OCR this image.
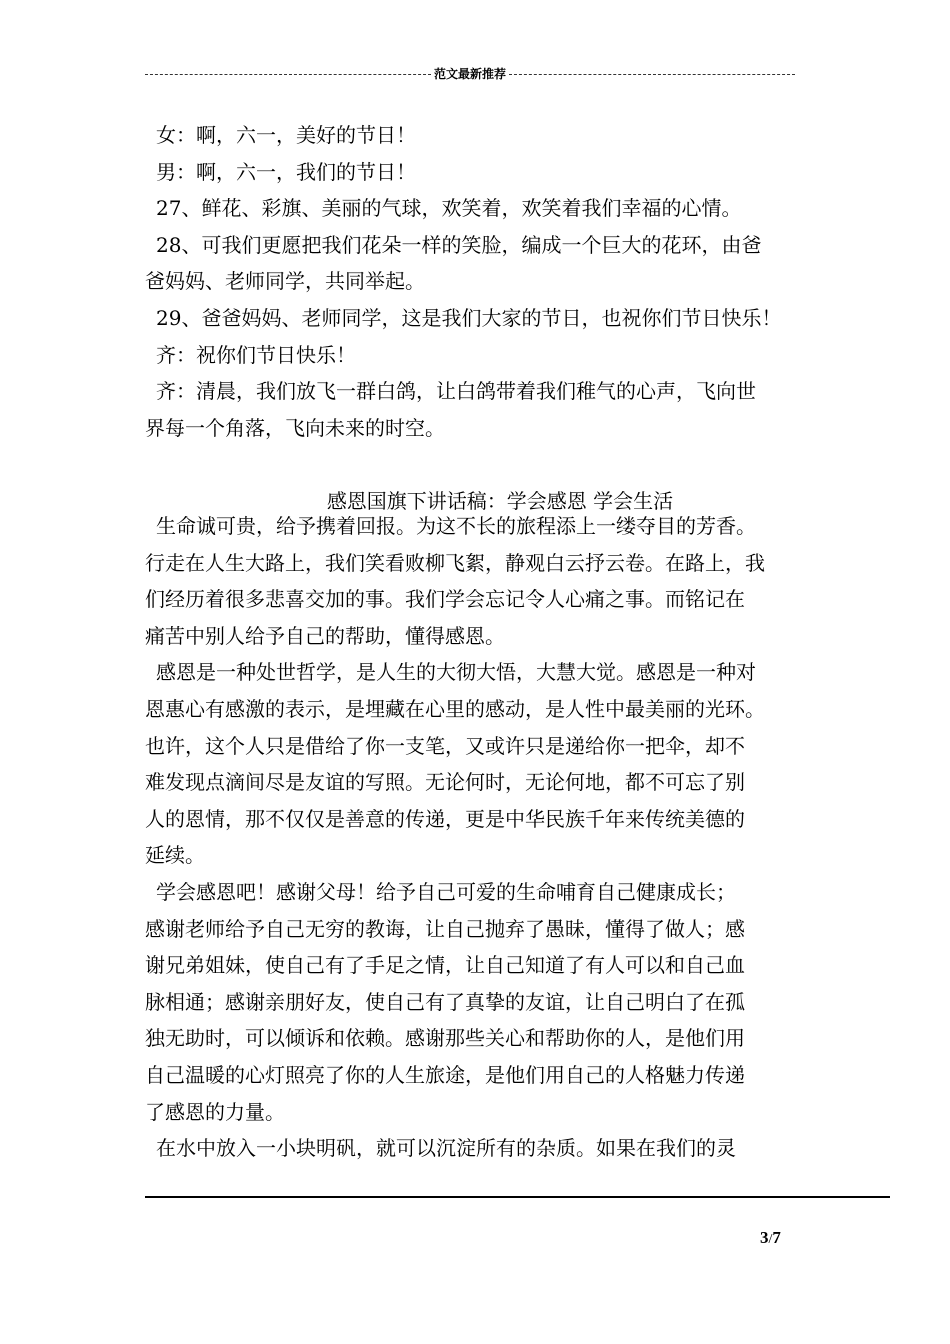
范文最新推荐
女：啊，六一，美好的节日！
男：啊，六一，我们的节日！
27、鲜花、彩旗、美丽的气球，欢笑着，欢笑着我们幸福的心情。
28、可我们更愿把我们花朵一样的笑脸，编成一个巨大的花环，由爸
爸妈妈、老师同学，共同举起。
29、爸爸妈妈、老师同学，这是我们大家的节日，也祝你们节日快乐！
齐：祝你们节日快乐！
齐：清晨，我们放飞一群白鸽，让白鸽带着我们稚气的心声，飞向世
界每一个角落，飞向未来的时空。
感恩国旗下讲话稿：学会感恩 学会生活
生命诚可贵，给予携着回报。为这不长的旅程添上一缕夺目的芳香。
行走在人生大路上，我们笑看败柳飞絮，静观白云抒云卷。在路上，我
们经历着很多悲喜交加的事。我们学会忘记令人心痛之事。而铭记在
痛苦中别人给予自己的帮助，懂得感恩。
感恩是一种处世哲学，是人生的大彻大悟，大慧大觉。感恩是一种对
恩惠心有感激的表示，是埋藏在心里的感动，是人性中最美丽的光环。
也许，这个人只是借给了你一支笔，又或许只是递给你一把伞，却不
难发现点滴间尽是友谊的写照。无论何时，无论何地，都不可忘了别
人的恩情，那不仅仅是善意的传递，更是中华民族千年来传统美德的
延续。
学会感恩吧！感谢父母！给予自己可爱的生命哺育自己健康成长；
感谢老师给予自己无穷的教诲，让自己抛弃了愚昧，懂得了做人；感
谢兄弟姐妹，使自己有了手足之情，让自己知道了有人可以和自己血
脉相通；感谢亲朋好友，使自己有了真挚的友谊，让自己明白了在孤
独无助时，可以倾诉和依赖。感谢那些关心和帮助你的人，是他们用
自己温暖的心灯照亮了你的人生旅途，是他们用自己的人格魅力传递
了感恩的力量。
在水中放入一小块明矾，就可以沉淀所有的杂质。如果在我们的灵
3/7
